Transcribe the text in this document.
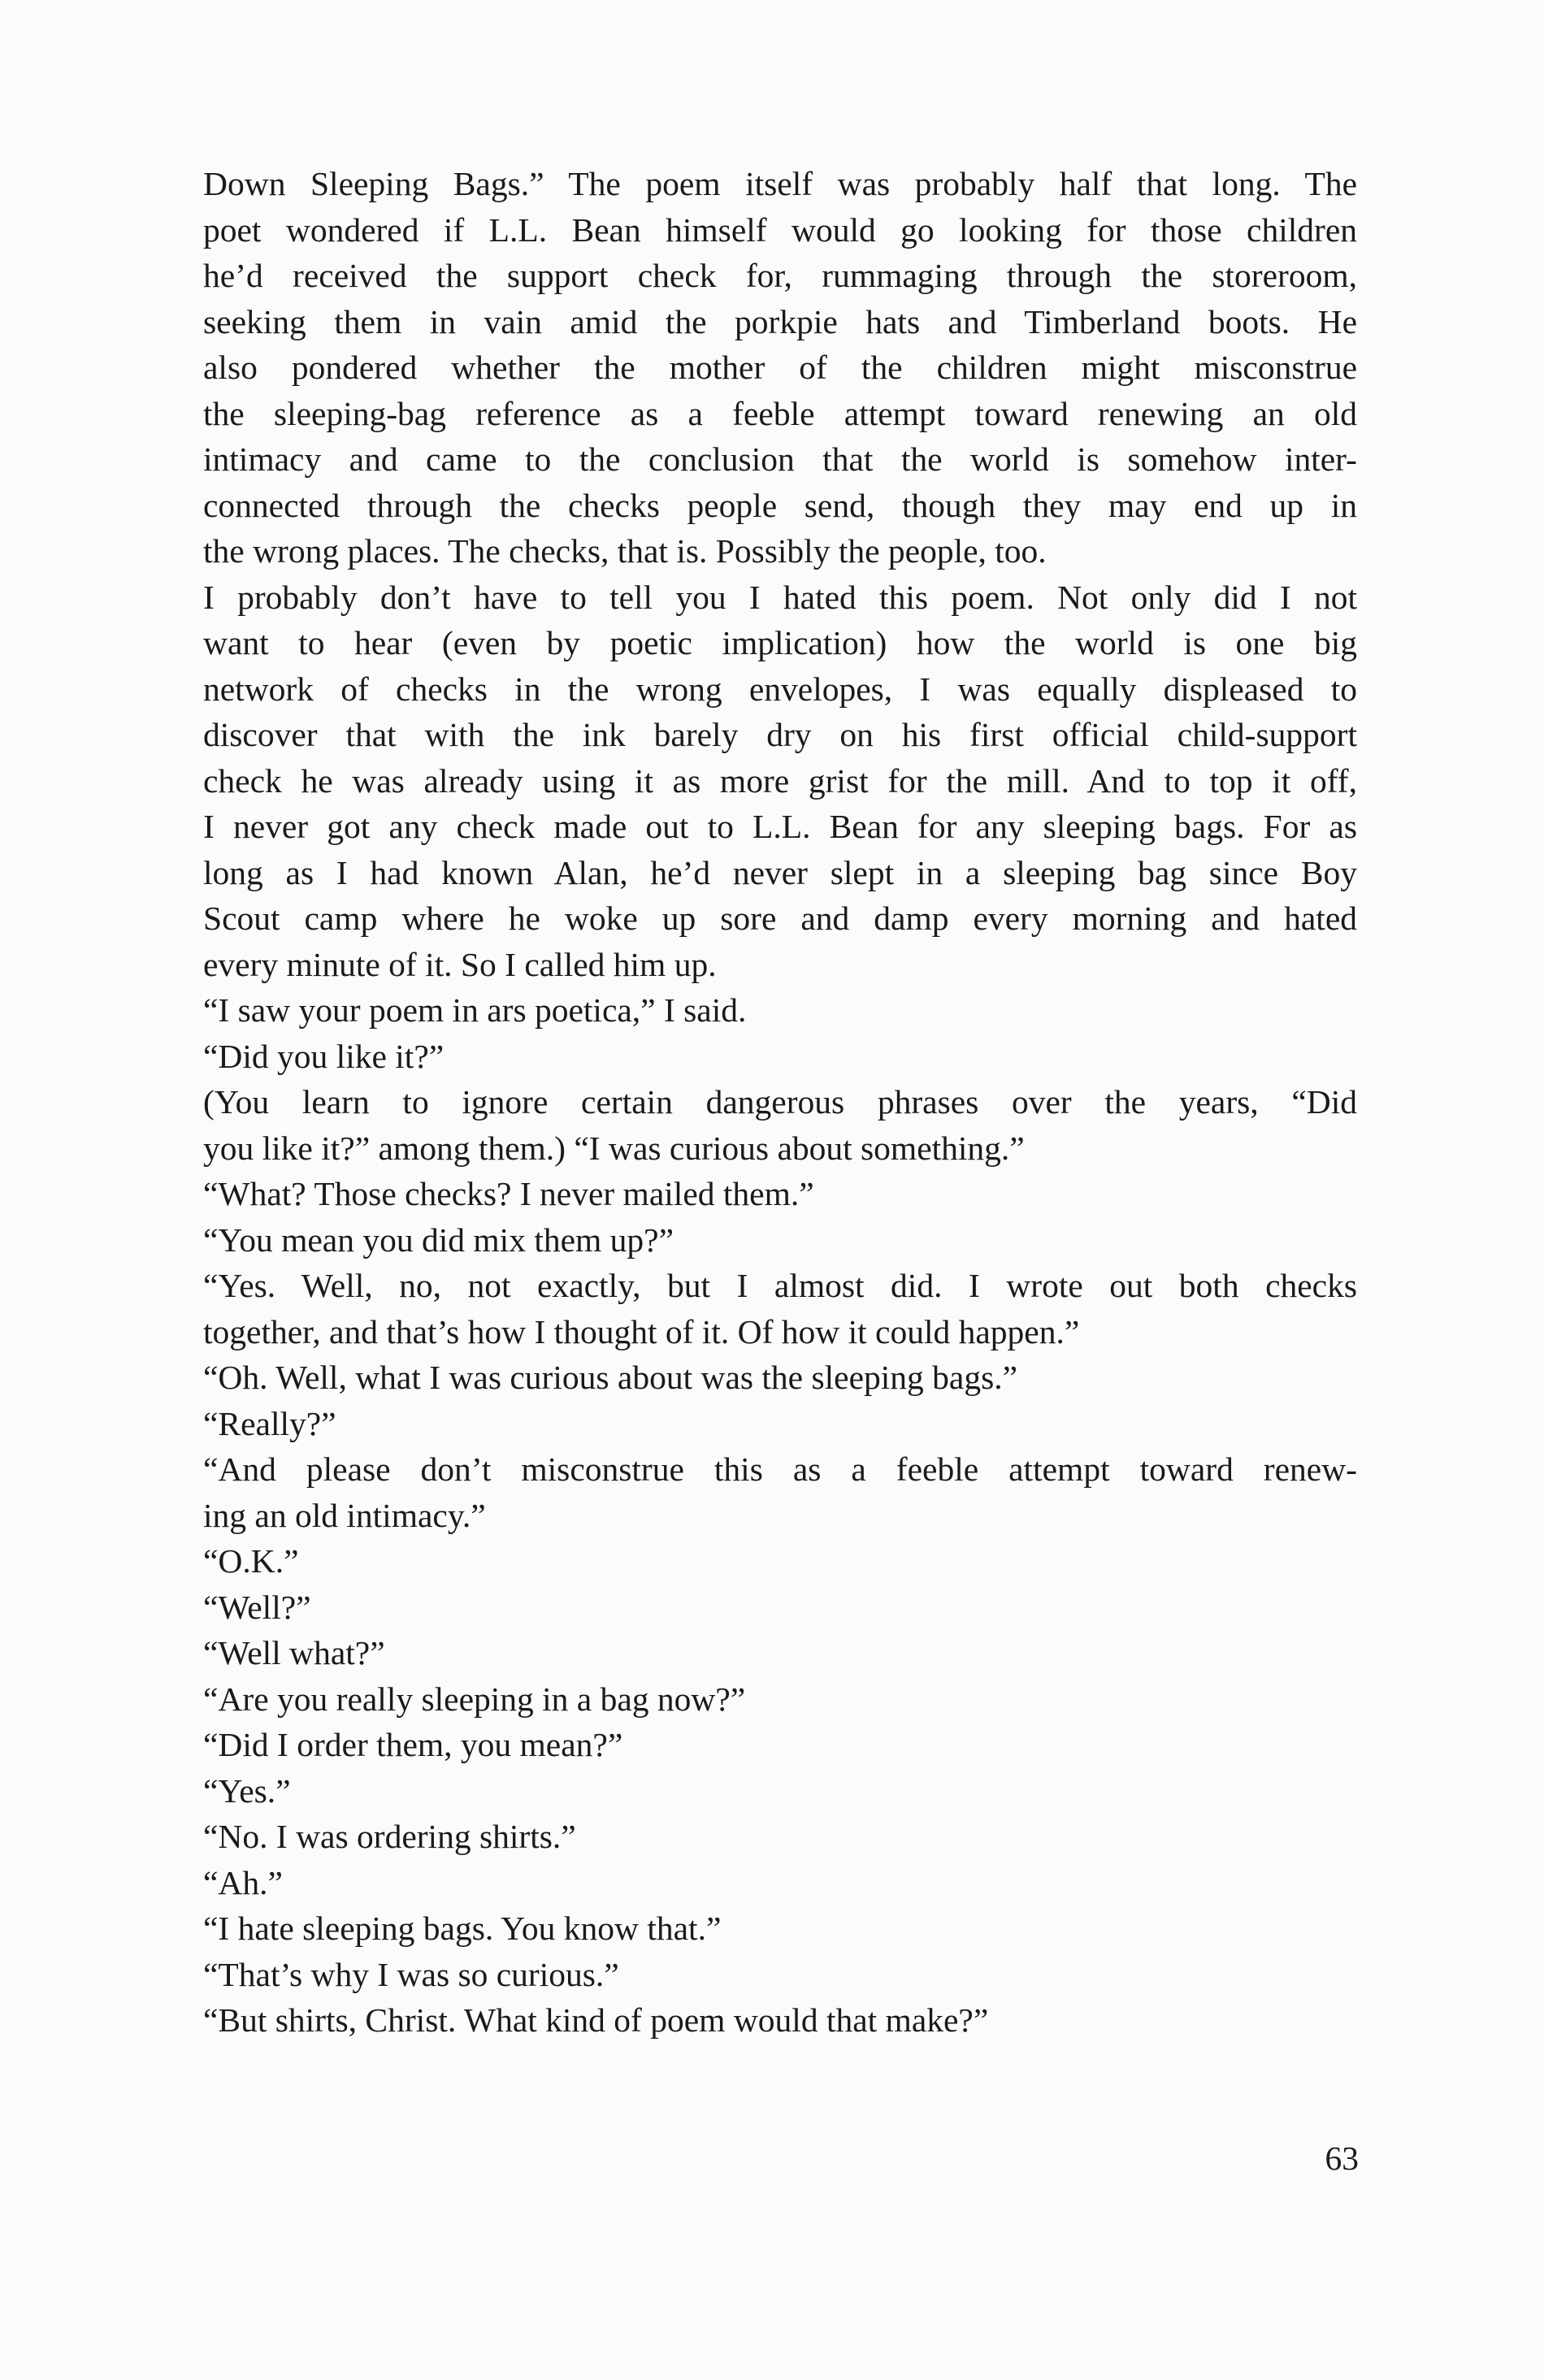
Down Sleeping Bags.” The poem itself was probably half that long. The
poet wondered if L.L. Bean himself would go looking for those children
he’d received the support check for, rummaging through the storeroom,
seeking them in vain amid the porkpie hats and Timberland boots. He
also pondered whether the mother of the children might misconstrue
the sleeping-bag reference as a feeble attempt toward renewing an old
intimacy and came to the conclusion that the world is somehow inter-
connected through the checks people send, though they may end up in
the wrong places. The checks, that is. Possibly the people, too.

I probably don’t have to tell you I hated this poem. Not only did I not
want to hear (even by poetic implication) how the world is one big
network of checks in the wrong envelopes, I was equally displeased to
discover that with the ink barely dry on his first official child-support
check he was already using it as more grist for the mill. And to top it off,
I never got any check made out to L.L. Bean for any sleeping bags. For as
long as I had known Alan, he’d never slept in a sleeping bag since Boy
Scout camp where he woke up sore and damp every morning and hated
every minute of it. So I called him up.

“I saw your poem in ars poetica,” I said.

“Did you like it?”

(You learn to ignore certain dangerous phrases over the years, “Did
you like it?” among them.) “I was curious about something.”

“What? Those checks? I never mailed them.”

“You mean you did mix them up?”

“Yes. Well, no, not exactly, but I almost did. I wrote out both checks
together, and that’s how I thought of it. Of how it could happen.”

“Oh. Well, what I was curious about was the sleeping bags.”

“Really?”

“And please don’t misconstrue this as a feeble attempt toward renew-
ing an old intimacy.”

“O.K.”

“Well?”

“Well what?”

“Are you really sleeping in a bag now?”

“Did I order them, you mean?”

“Yes.”

“No. I was ordering shirts.”

“Ah.”

“I hate sleeping bags. You know that.”

“That’s why I was so curious.”

“But shirts, Christ. What kind of poem would that make?”

63
